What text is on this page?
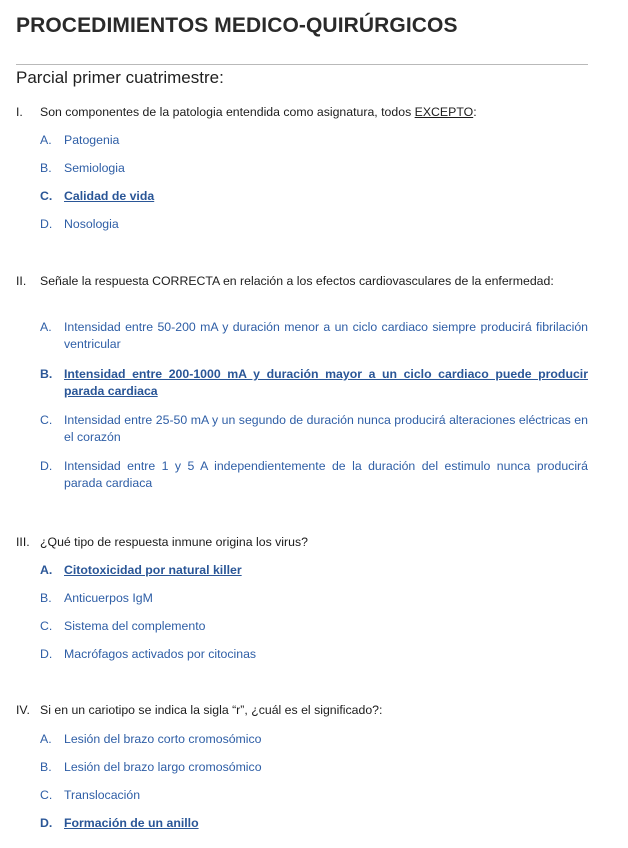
PROCEDIMIENTOS MEDICO-QUIRÚRGICOS
Parcial primer cuatrimestre:
I.	Son componentes de la patologia entendida como asignatura, todos EXCEPTO:
A.	Patogenia
B.	Semiologia
C. Calidad de vida
D. Nosologia
II.	Señale la respuesta CORRECTA en relación a los efectos cardiovasculares de la enfermedad:
A.	Intensidad entre 50-200 mA y duración menor a un ciclo cardiaco siempre producirá fibrilación ventricular
B. Intensidad entre 200-1000 mA y duración mayor a un ciclo cardiaco puede producir parada cardiaca
C. Intensidad entre 25-50 mA y un segundo de duración nunca producirá alteraciones eléctricas en el corazón
D. Intensidad entre 1 y 5 A independientemente de la duración del estimulo nunca producirá parada cardiaca
III. ¿Qué tipo de respuesta inmune origina los virus?
A. Citotoxicidad por natural killer
B.	Anticuerpos IgM
C. Sistema del complemento
D. Macrófagos activados por citocinas
IV. Si en un cariotipo se indica la sigla “r”, ¿cuál es el significado?:
A.	Lesión del brazo corto cromosómico
B.	Lesión del brazo largo cromosómico
C. Translocación
D. Formación de un anillo
